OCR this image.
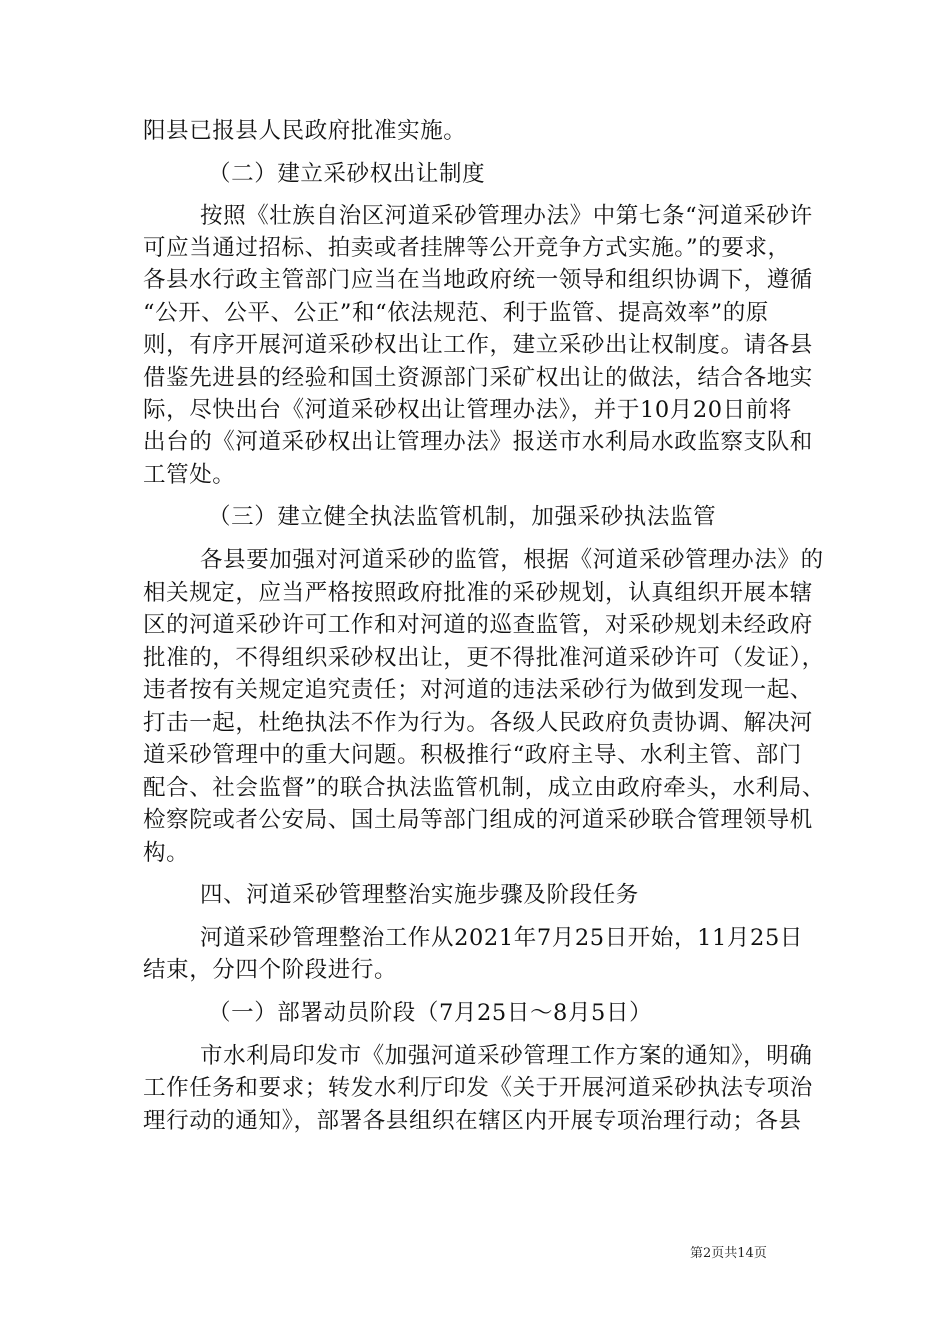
阳县已报县人民政府批准实施。
（二）建立采砂权出让制度
按照《壮族自治区河道采砂管理办法》中第七条“河道采砂许
可应当通过招标、拍卖或者挂牌等公开竞争方式实施。”的要求，
各县水行政主管部门应当在当地政府统一领导和组织协调下，遵循
“公开、公平、公正”和“依法规范、利于监管、提高效率”的原
则，有序开展河道采砂权出让工作，建立采砂出让权制度。请各县
借鉴先进县的经验和国土资源部门采矿权出让的做法，结合各地实
际，尽快出台《河道采砂权出让管理办法》，并于10月20日前将
出台的《河道采砂权出让管理办法》报送市水利局水政监察支队和
工管处。
（三）建立健全执法监管机制，加强采砂执法监管
各县要加强对河道采砂的监管，根据《河道采砂管理办法》的
相关规定，应当严格按照政府批准的采砂规划，认真组织开展本辖
区的河道采砂许可工作和对河道的巡查监管，对采砂规划未经政府
批准的，不得组织采砂权出让，更不得批准河道采砂许可（发证），
违者按有关规定追究责任；对河道的违法采砂行为做到发现一起、
打击一起，杜绝执法不作为行为。各级人民政府负责协调、解决河
道采砂管理中的重大问题。积极推行“政府主导、水利主管、部门
配合、社会监督”的联合执法监管机制，成立由政府牵头，水利局、
检察院或者公安局、国土局等部门组成的河道采砂联合管理领导机
构。
四、河道采砂管理整治实施步骤及阶段任务
河道采砂管理整治工作从2021年7月25日开始，11月25日
结束，分四个阶段进行。
（一）部署动员阶段（7月25日～8月5日）
市水利局印发市《加强河道采砂管理工作方案的通知》，明确
工作任务和要求；转发水利厅印发《关于开展河道采砂执法专项治
理行动的通知》，部署各县组织在辖区内开展专项治理行动；各县
第2页共14页
